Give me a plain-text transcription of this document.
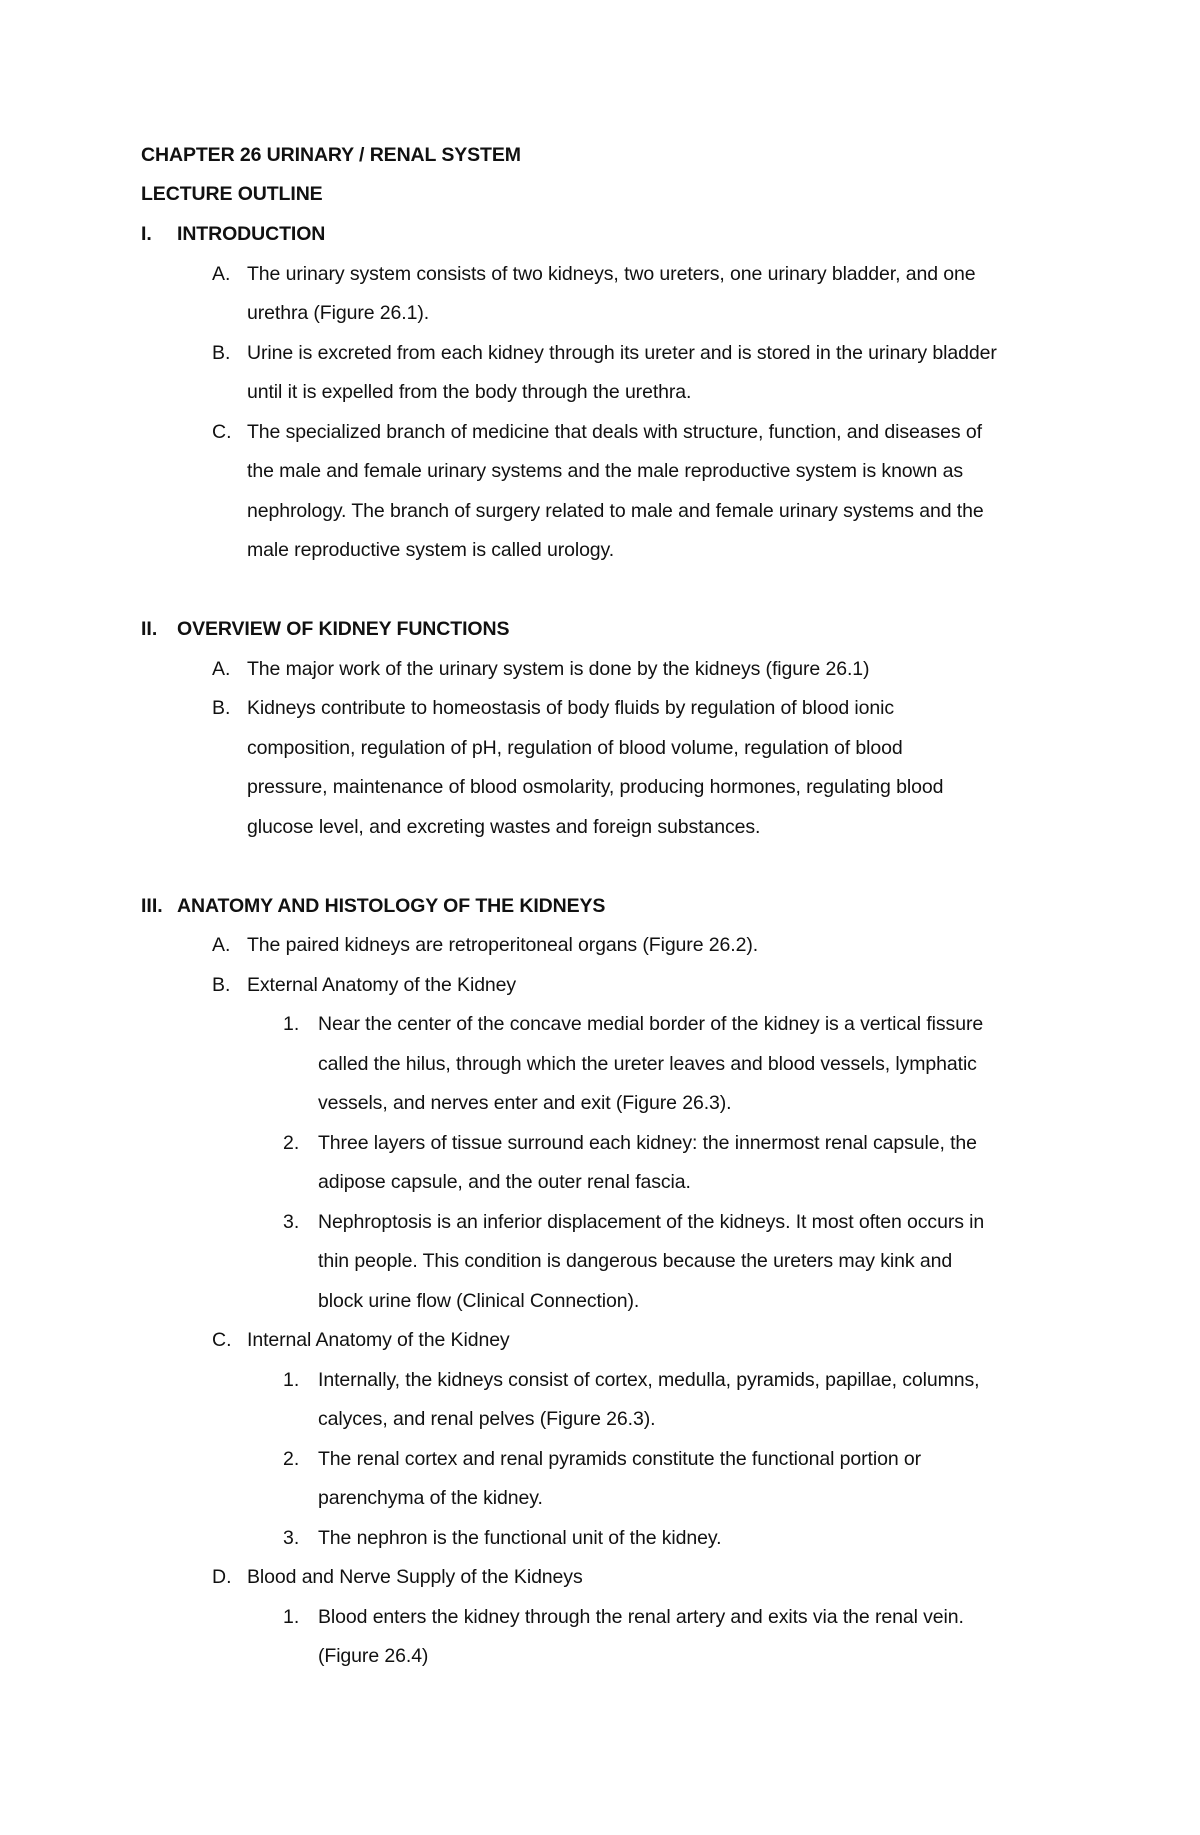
CHAPTER 26 URINARY / RENAL SYSTEM
LECTURE OUTLINE
I. INTRODUCTION
A. The urinary system consists of two kidneys, two ureters, one urinary bladder, and one
urethra (Figure 26.1).
B. Urine is excreted from each kidney through its ureter and is stored in the urinary bladder
until it is expelled from the body through the urethra.
C. The specialized branch of medicine that deals with structure, function, and diseases of
the male and female urinary systems and the male reproductive system is known as
nephrology. The branch of surgery related to male and female urinary systems and the
male reproductive system is called urology.
II. OVERVIEW OF KIDNEY FUNCTIONS
A. The major work of the urinary system is done by the kidneys (figure 26.1)
B. Kidneys contribute to homeostasis of body fluids by regulation of blood ionic
composition, regulation of pH, regulation of blood volume, regulation of blood
pressure, maintenance of blood osmolarity, producing hormones, regulating blood
glucose level, and excreting wastes and foreign substances.
III. ANATOMY AND HISTOLOGY OF THE KIDNEYS
A. The paired kidneys are retroperitoneal organs (Figure 26.2).
B. External Anatomy of the Kidney
1. Near the center of the concave medial border of the kidney is a vertical fissure
called the hilus, through which the ureter leaves and blood vessels, lymphatic
vessels, and nerves enter and exit (Figure 26.3).
2. Three layers of tissue surround each kidney: the innermost renal capsule, the
adipose capsule, and the outer renal fascia.
3. Nephroptosis is an inferior displacement of the kidneys. It most often occurs in
thin people. This condition is dangerous because the ureters may kink and
block urine flow (Clinical Connection).
C. Internal Anatomy of the Kidney
1. Internally, the kidneys consist of cortex, medulla, pyramids, papillae, columns,
calyces, and renal pelves (Figure 26.3).
2. The renal cortex and renal pyramids constitute the functional portion or
parenchyma of the kidney.
3. The nephron is the functional unit of the kidney.
D. Blood and Nerve Supply of the Kidneys
1. Blood enters the kidney through the renal artery and exits via the renal vein.
(Figure 26.4)
